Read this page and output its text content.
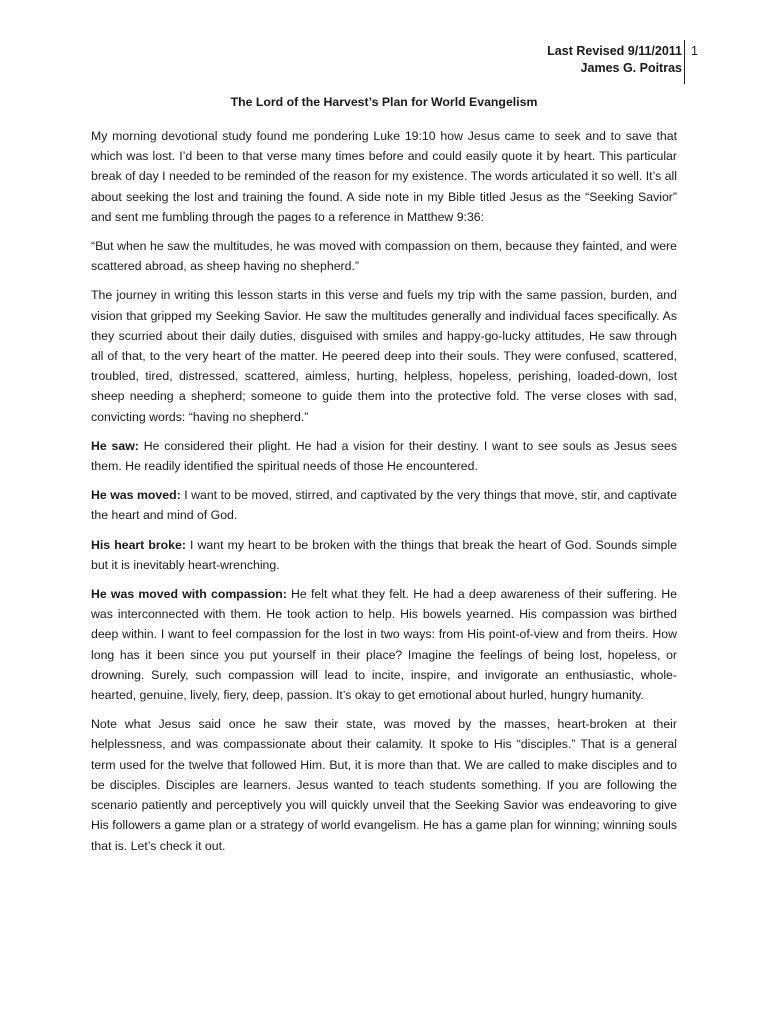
Last Revised 9/11/2011
James G. Poitras
1
The Lord of the Harvest’s Plan for World Evangelism

My morning devotional study found me pondering Luke 19:10 how Jesus came to seek and to save that which was lost. I’d been to that verse many times before and could easily quote it by heart. This particular break of day I needed to be reminded of the reason for my existence. The words articulated it so well. It’s all about seeking the lost and training the found. A side note in my Bible titled Jesus as the “Seeking Savior” and sent me fumbling through the pages to a reference in Matthew 9:36:

“But when he saw the multitudes, he was moved with compassion on them, because they fainted, and were scattered abroad, as sheep having no shepherd.”

The journey in writing this lesson starts in this verse and fuels my trip with the same passion, burden, and vision that gripped my Seeking Savior. He saw the multitudes generally and individual faces specifically. As they scurried about their daily duties, disguised with smiles and happy-go-lucky attitudes, He saw through all of that, to the very heart of the matter. He peered deep into their souls. They were confused, scattered, troubled, tired, distressed, scattered, aimless, hurting, helpless, hopeless, perishing, loaded-down, lost sheep needing a shepherd; someone to guide them into the protective fold. The verse closes with sad, convicting words: “having no shepherd.”

He saw: He considered their plight. He had a vision for their destiny. I want to see souls as Jesus sees them. He readily identified the spiritual needs of those He encountered.

He was moved: I want to be moved, stirred, and captivated by the very things that move, stir, and captivate the heart and mind of God.

His heart broke: I want my heart to be broken with the things that break the heart of God. Sounds simple but it is inevitably heart-wrenching.

He was moved with compassion: He felt what they felt. He had a deep awareness of their suffering. He was interconnected with them. He took action to help. His bowels yearned. His compassion was birthed deep within. I want to feel compassion for the lost in two ways: from His point-of-view and from theirs. How long has it been since you put yourself in their place? Imagine the feelings of being lost, hopeless, or drowning. Surely, such compassion will lead to incite, inspire, and invigorate an enthusiastic, whole-hearted, genuine, lively, fiery, deep, passion. It’s okay to get emotional about hurled, hungry humanity.

Note what Jesus said once he saw their state, was moved by the masses, heart-broken at their helplessness, and was compassionate about their calamity. It spoke to His “disciples.” That is a general term used for the twelve that followed Him. But, it is more than that. We are called to make disciples and to be disciples. Disciples are learners. Jesus wanted to teach students something. If you are following the scenario patiently and perceptively you will quickly unveil that the Seeking Savior was endeavoring to give His followers a game plan or a strategy of world evangelism. He has a game plan for winning; winning souls that is. Let’s check it out.
